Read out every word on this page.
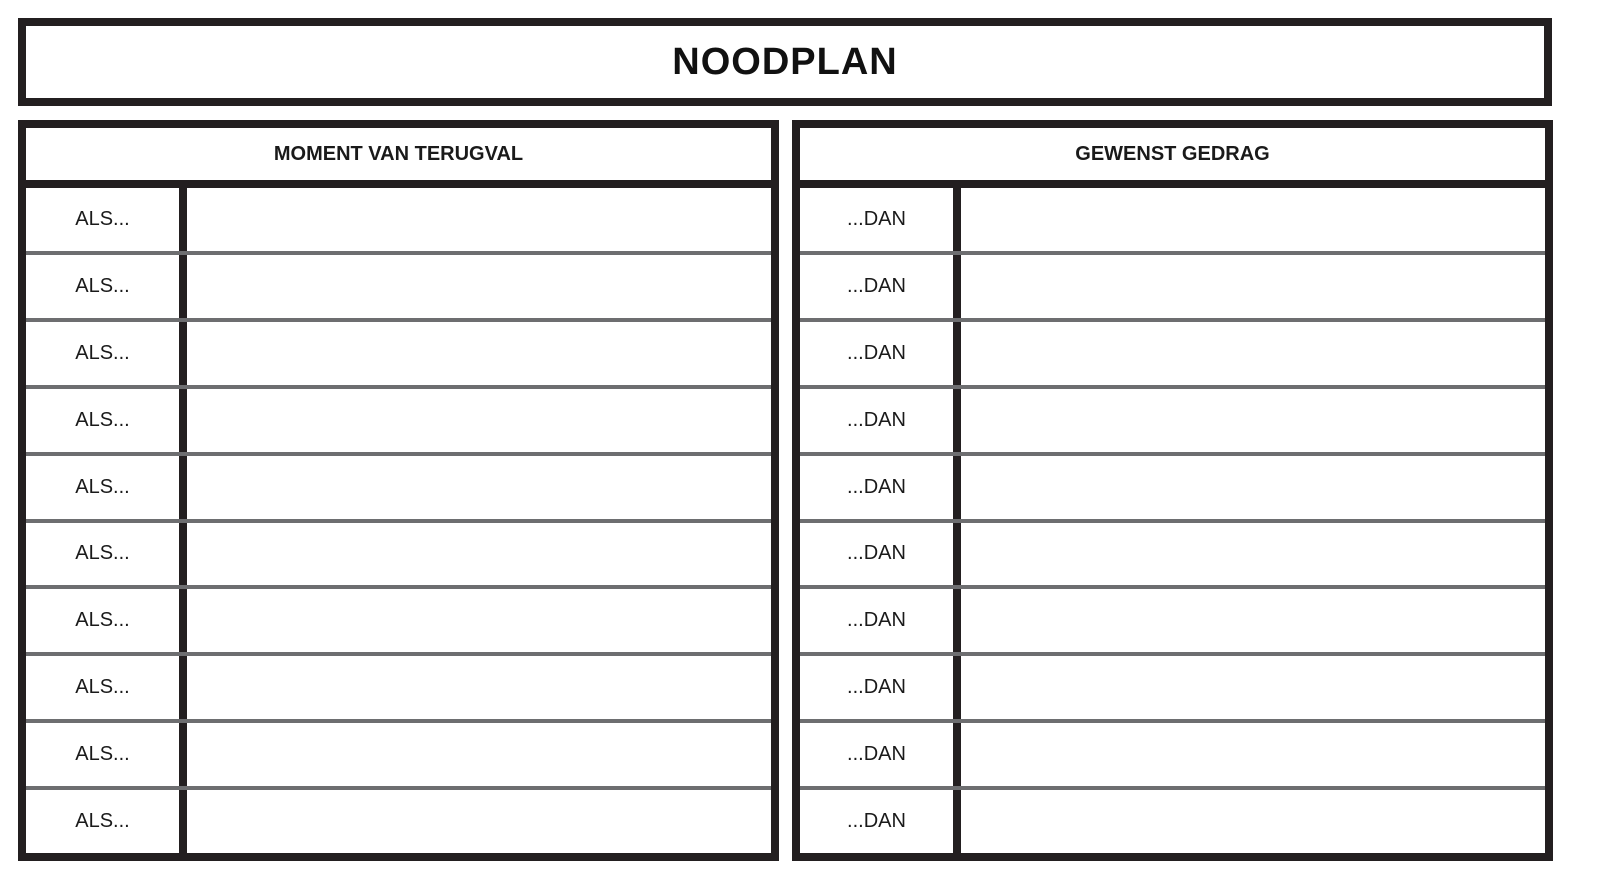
NOODPLAN
MOMENT VAN TERUGVAL
ALS...
ALS...
ALS...
ALS...
ALS...
ALS...
ALS...
ALS...
ALS...
ALS...
GEWENST GEDRAG
...DAN
...DAN
...DAN
...DAN
...DAN
...DAN
...DAN
...DAN
...DAN
...DAN
